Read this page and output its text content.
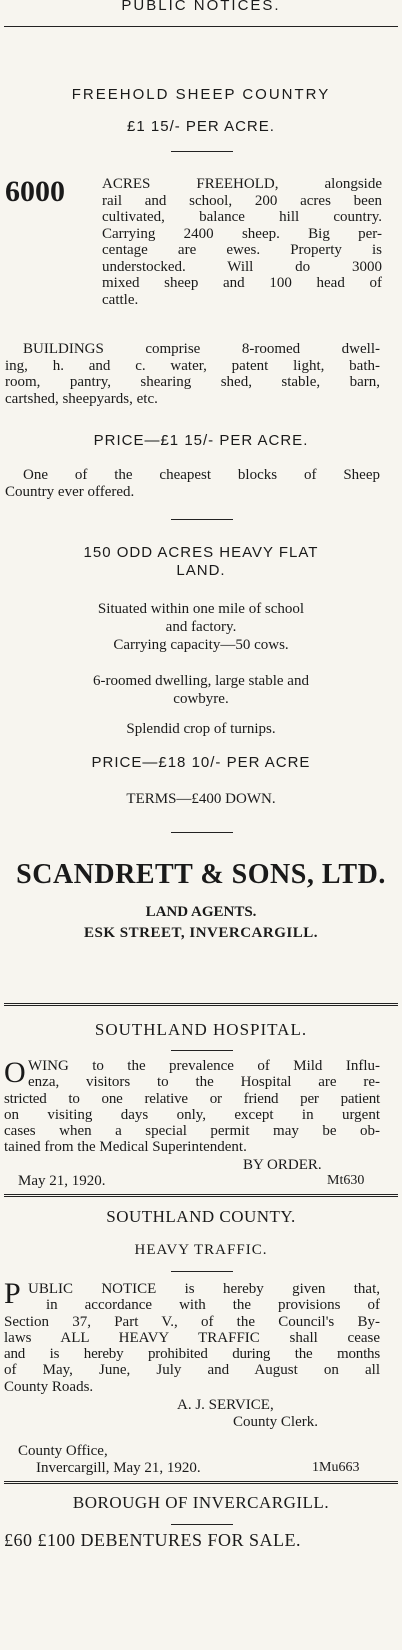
PUBLIC NOTICES.
FREEHOLD SHEEP COUNTRY
£1 15/- PER ACRE.
6000 ACRES FREEHOLD, alongside
rail and school, 200 acres been
cultivated, balance hill country.
Carrying 2400 sheep. Big per-
centage are ewes. Property is
understocked. Will do 3000
mixed sheep and 100 head of
cattle.
BUILDINGS comprise 8-roomed dwell-
ing, h. and c. water, patent light, bath-
room, pantry, shearing shed, stable, barn,
cartshed, sheepyards, etc.
PRICE—£1 15/- PER ACRE.
One of the cheapest blocks of Sheep
Country ever offered.
150 ODD ACRES HEAVY FLAT
LAND.
Situated within one mile of school
and factory.
Carrying capacity—50 cows.
6-roomed dwelling, large stable and
cowbyre.
Splendid crop of turnips.
PRICE—£18 10/- PER ACRE
TERMS—£400 DOWN.
SCANDRETT & SONS, LTD.
LAND AGENTS.
ESK STREET, INVERCARGILL.
SOUTHLAND HOSPITAL.
O WING to the prevalence of Mild Influ-
enza, visitors to the Hospital are re-
stricted to one relative or friend per patient
on visiting days only, except in urgent
cases when a special permit may be ob-
tained from the Medical Superintendent.
BY ORDER.
May 21, 1920.	Mt630
SOUTHLAND COUNTY.
HEAVY TRAFFIC.
P UBLIC NOTICE is hereby given that,
in accordance with the provisions of
Section 37, Part V., of the Council's By-
laws ALL HEAVY TRAFFIC shall cease
and is hereby prohibited during the months
of May, June, July and August on all
County Roads.
A. J. SERVICE,
County Clerk.
County Office,
Invercargill, May 21, 1920.	1Mu663
BOROUGH OF INVERCARGILL.
£60 £100 DEBENTURES FOR SALE.
